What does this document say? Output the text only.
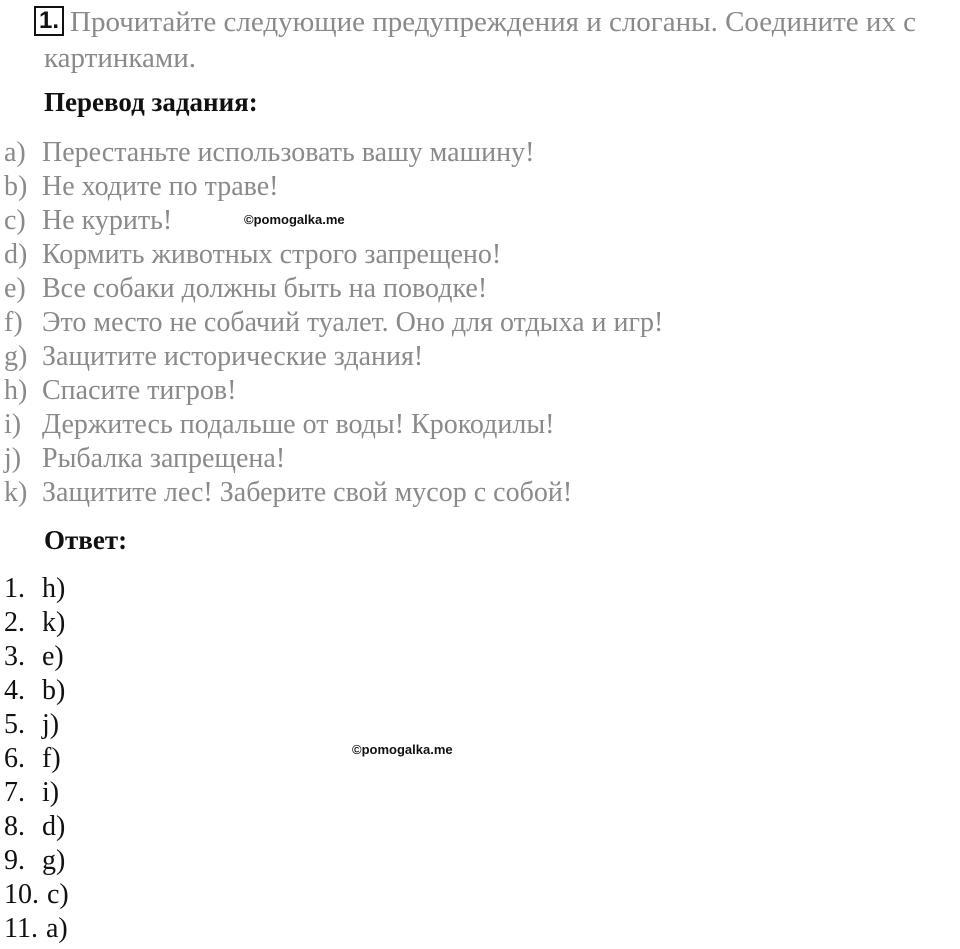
1. Прочитайте следующие предупреждения и слоганы. Соедините их с
картинками.
Перевод задания:
a) Перестаньте использовать вашу машину!
b) Не ходите по траве!
c) Не курить!
d) Кормить животных строго запрещено!
e) Все собаки должны быть на поводке!
f) Это место не собачий туалет. Оно для отдыха и игр!
g) Защитите исторические здания!
h) Спасите тигров!
i) Держитесь подальше от воды! Крокодилы!
j) Рыбалка запрещена!
k) Защитите лес! Заберите свой мусор с собой!
Ответ:
1. h)
2. k)
3. e)
4. b)
5. j)
6. f)
7. i)
8. d)
9. g)
10. c)
11. a)
©pomogalka.me
©pomogalka.me
